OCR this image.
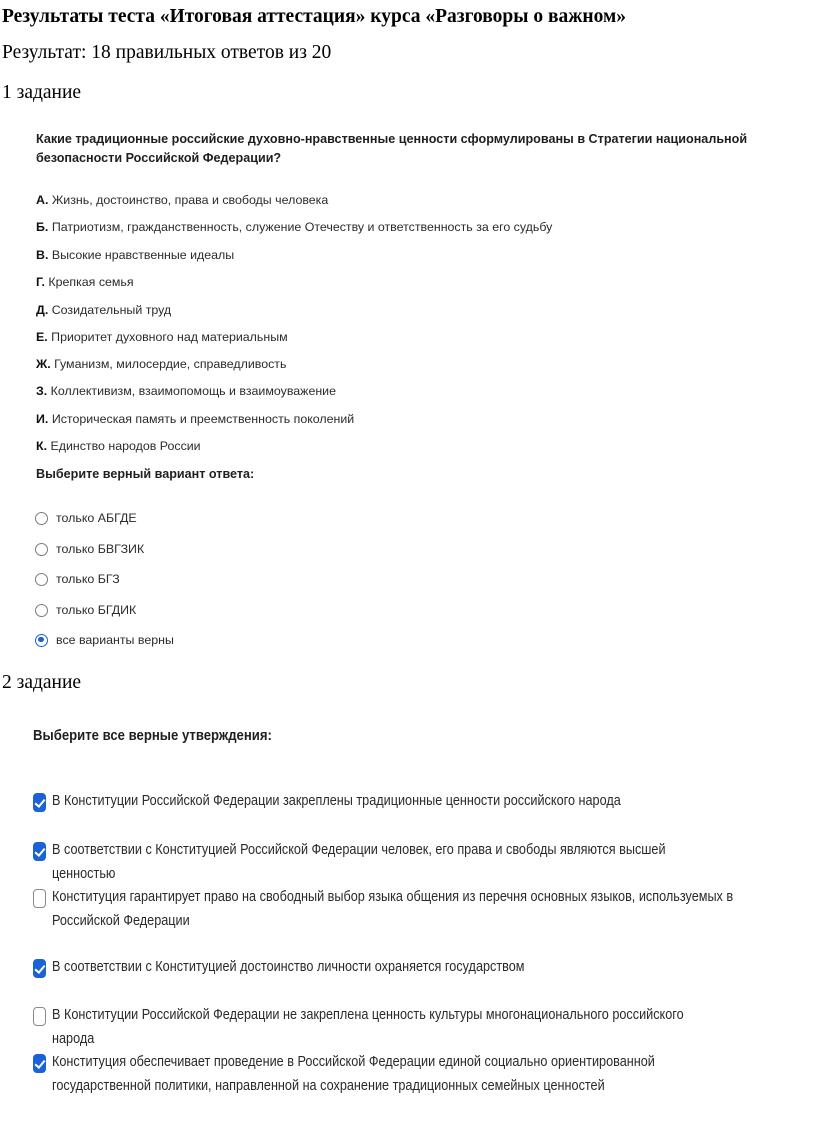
Результаты теста «Итоговая аттестация» курса «Разговоры о важном»
Результат: 18 правильных ответов из 20
1 задание
Какие традиционные российские духовно-нравственные ценности сформулированы в Стратегии национальной безопасности Российской Федерации?
А. Жизнь, достоинство, права и свободы человека
Б. Патриотизм, гражданственность, служение Отечеству и ответственность за его судьбу
В. Высокие нравственные идеалы
Г. Крепкая семья
Д. Созидательный труд
Е. Приоритет духовного над материальным
Ж. Гуманизм, милосердие, справедливость
З. Коллективизм, взаимопомощь и взаимоуважение
И. Историческая память и преемственность поколений
К. Единство народов России
Выберите верный вариант ответа:
только АБГДЕ
только БВГЗИК
только БГЗ
только БГДИК
все варианты верны
2 задание
Выберите все верные утверждения:
В Конституции Российской Федерации закреплены традиционные ценности российского народа
В соответствии с Конституцией Российской Федерации человек, его права и свободы являются высшей ценностью
Конституция гарантирует право на свободный выбор языка общения из перечня основных языков, используемых в Российской Федерации
В соответствии с Конституцией достоинство личности охраняется государством
В Конституции Российской Федерации не закреплена ценность культуры многонационального российского народа
Конституция обеспечивает проведение в Российской Федерации единой социально ориентированной государственной политики, направленной на сохранение традиционных семейных ценностей
